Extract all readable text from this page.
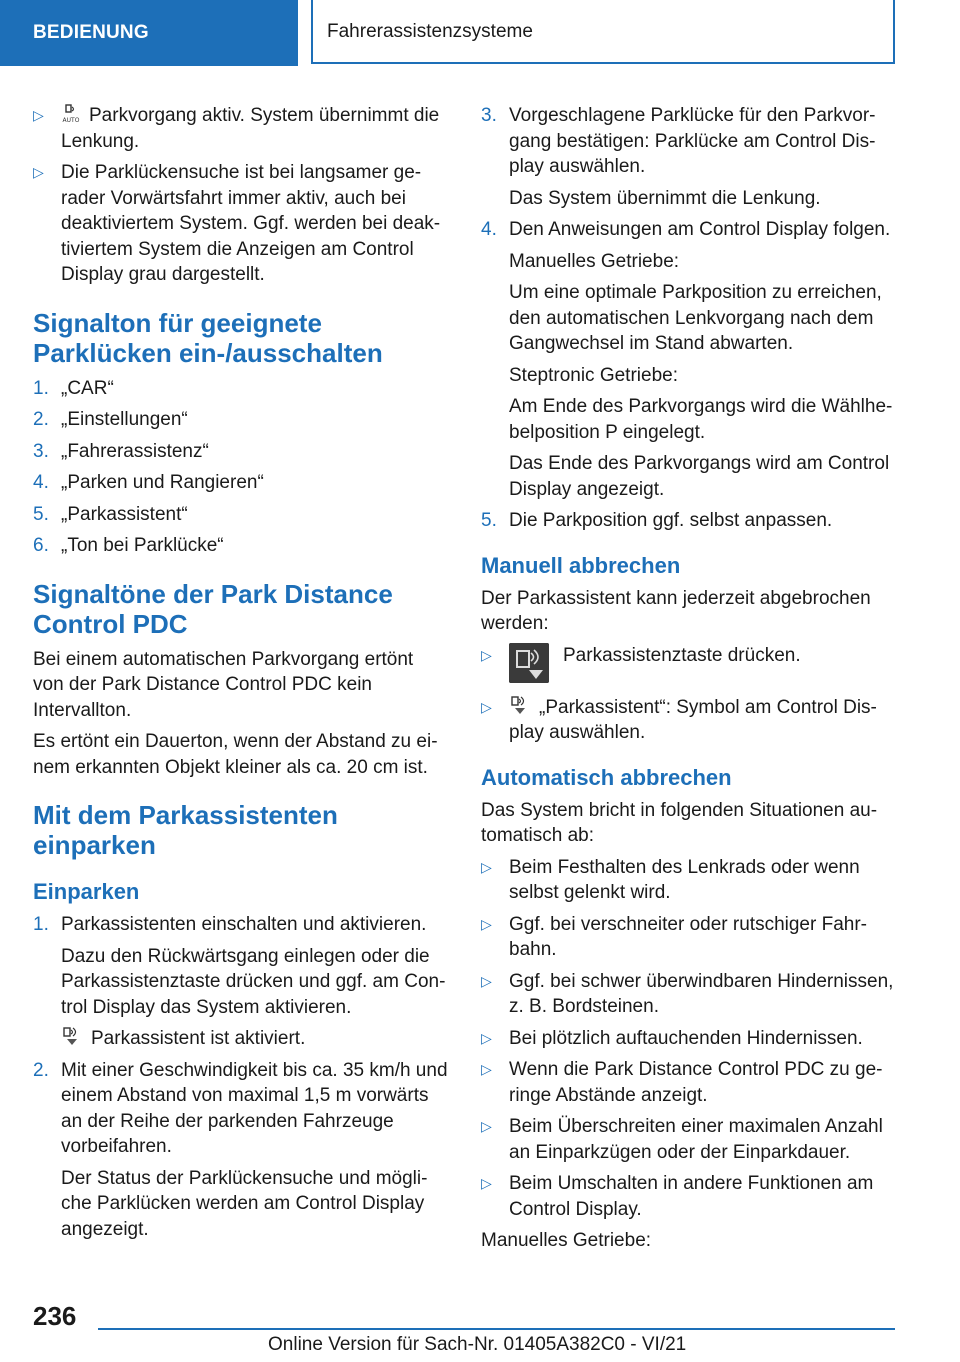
BEDIENUNG	Fahrerassistenzsysteme
▷	AUTO Parkvorgang aktiv. System übernimmt die Lenkung.
▷ Die Parklückensuche ist bei langsamer gerader Vorwärtsfahrt immer aktiv, auch bei deaktiviertem System. Ggf. werden bei deaktiviertem System die Anzeigen am Control Display grau dargestellt.
Signalton für geeignete Parklücken ein-/ausschalten
1. „CAR“
2. „Einstellungen“
3. „Fahrerassistenz“
4. „Parken und Rangieren“
5. „Parkassistent“
6. „Ton bei Parklücke“
Signaltöne der Park Distance Control PDC

Bei einem automatischen Parkvorgang ertönt von der Park Distance Control PDC kein Intervallton.

Es ertönt ein Dauerton, wenn der Abstand zu einem erkannten Objekt kleiner als ca. 20 cm ist.

Mit dem Parkassistenten einparken
Einparken
1. Parkassistenten einschalten und aktivieren.
Dazu den Rückwärtsgang einlegen oder die Parkassistenztaste drücken und ggf. am Control Display das System aktivieren.
Parkassistent ist aktiviert.
2. Mit einer Geschwindigkeit bis ca. 35 km/h und einem Abstand von maximal 1,5 m vorwärts an der Reihe der parkenden Fahrzeuge vorbeifahren.
Der Status der Parklückensuche und mögliche Parklücken werden am Control Display angezeigt.
3. Vorgeschlagene Parklücke für den Parkvorgang bestätigen: Parklücke am Control Display auswählen.
Das System übernimmt die Lenkung.
4. Den Anweisungen am Control Display folgen.
Manuelles Getriebe:
Um eine optimale Parkposition zu erreichen, den automatischen Lenkvorgang nach dem Gangwechsel im Stand abwarten.
Steptronic Getriebe:
Am Ende des Parkvorgangs wird die Wählhebelposition P eingelegt.
Das Ende des Parkvorgangs wird am Control Display angezeigt.
5. Die Parkposition ggf. selbst anpassen.
Manuell abbrechen

Der Parkassistent kann jederzeit abgebrochen werden:

▷	Parkassistenztaste drücken.
▷	„Parkassistent“: Symbol am Control Display auswählen.
Automatisch abbrechen

Das System bricht in folgenden Situationen automatisch ab:

▷ Beim Festhalten des Lenkrads oder wenn selbst gelenkt wird.
▷ Ggf. bei verschneiter oder rutschiger Fahrbahn.
▷ Ggf. bei schwer überwindbaren Hindernissen, z. B. Bordsteinen.
▷ Bei plötzlich auftauchenden Hindernissen.
▷ Wenn die Park Distance Control PDC zu geringe Abstände anzeigt.
▷ Beim Überschreiten einer maximalen Anzahl an Einparkzügen oder der Einparkdauer.
▷ Beim Umschalten in andere Funktionen am Control Display.

Manuelles Getriebe:

236
Online Version für Sach-Nr. 01405A382C0 - VI/21
